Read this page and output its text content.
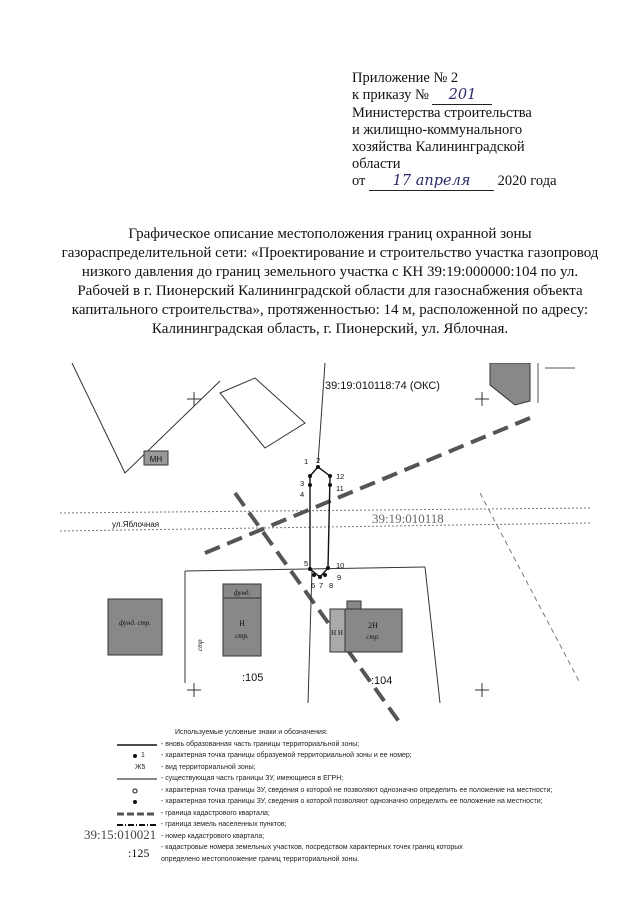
Приложение № 2
к приказу № 201
Министерства строительства
и жилищно-коммунального
хозяйства Калининградской
области
от 17 апреля 2020 года
Графическое описание местоположения границ охранной зоны газораспределительной сети: «Проектирование и строительство участка газопровод низкого давления до границ земельного участка с КН 39:19:000000:104 по ул. Рабочей в г. Пионерский Калининградской области для газоснабжения объекта капитального строительства», протяженностью: 14 м, расположенной по адресу: Калининградская область, г. Пионерский, ул. Яблочная.
МН	1 2
3
4
5
6 7 8
9
10
11
12
39:19:010118:74 (ОКС)
39:19:010118
ул.Яблочная
фунд. стр.
фунд.
Н
стр.	Н Н
2Н
стр.
стр
:105	:104
Используемые условные знаки и обозначения:
- вновь образованная часть границы территориальной зоны;
1 - характерная точка границы образуемой территориальной зоны и ее номер;
Ж5 - вид территориальной зоны;
- существующая часть границы ЗУ, имеющиеся в ЕГРН;
- характерная точка границы ЗУ, сведения о которой не позволяют однозначно определить ее положение на местности;
- характерная точка границы ЗУ, сведения о которой позволяют однозначно определить ее положение на местности;
- граница кадастрового квартала;
- граница земель населенных пунктов;
- номер кадастрового квартала;
- кадастровые номера земельных участков, посредством характерных точек границ которых
определено местоположение границ территориальной зоны.
39:15:010021
:125
